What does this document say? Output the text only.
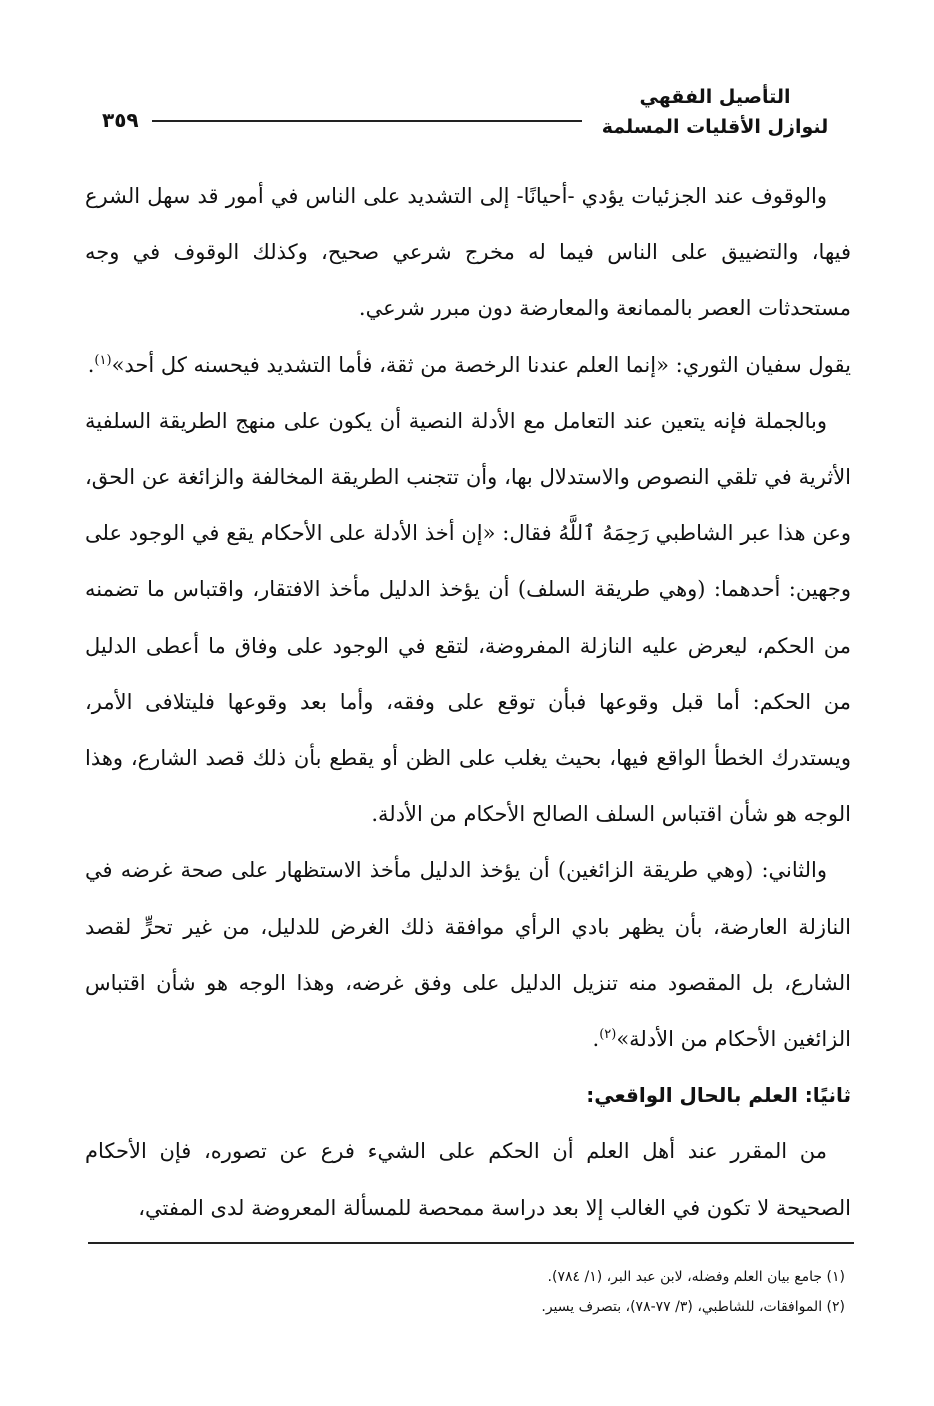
٣٥٩
التأصيل الفقهي
لنوازل الأقليات المسلمة

والوقوف عند الجزئيات يؤدي -أحيانًا- إلى التشديد على الناس في أمور قد سهل الشرع فيها، والتضييق على الناس فيما له مخرج شرعي صحيح، وكذلك الوقوف في وجه مستحدثات العصر بالممانعة والمعارضة دون مبرر شرعي.

يقول سفيان الثوري: «إنما العلم عندنا الرخصة من ثقة، فأما التشديد فيحسنه كل أحد»$^{(١)}$.

وبالجملة فإنه يتعين عند التعامل مع الأدلة النصية أن يكون على منهج الطريقة السلفية الأثرية في تلقي النصوص والاستدلال بها، وأن تتجنب الطريقة المخالفة والزائغة عن الحق، وعن هذا عبر الشاطبي رَحِمَهُ ٱللَّهُ فقال: «إن أخذ الأدلة على الأحكام يقع في الوجود على وجهين: أحدهما: (وهي طريقة السلف) أن يؤخذ الدليل مأخذ الافتقار، واقتباس ما تضمنه من الحكم، ليعرض عليه النازلة المفروضة، لتقع في الوجود على وفاق ما أعطى الدليل من الحكم: أما قبل وقوعها فبأن توقع على وفقه، وأما بعد وقوعها فليتلافى الأمر، ويستدرك الخطأ الواقع فيها، بحيث يغلب على الظن أو يقطع بأن ذلك قصد الشارع، وهذا الوجه هو شأن اقتباس السلف الصالح الأحكام من الأدلة.

والثاني: (وهي طريقة الزائغين) أن يؤخذ الدليل مأخذ الاستظهار على صحة غرضه في النازلة العارضة، بأن يظهر بادي الرأي موافقة ذلك الغرض للدليل، من غير تحرٍّ لقصد الشارع، بل المقصود منه تنزيل الدليل على وفق غرضه، وهذا الوجه هو شأن اقتباس الزائغين الأحكام من الأدلة»$^{(٢)}$.

ثانيًا: العلم بالحال الواقعي:

من المقرر عند أهل العلم أن الحكم على الشيء فرع عن تصوره، فإن الأحكام الصحيحة لا تكون في الغالب إلا بعد دراسة ممحصة للمسألة المعروضة لدى المفتي،

(١) جامع بيان العلم وفضله، لابن عبد البر، (١/ ٧٨٤).

(٢) الموافقات، للشاطبي، (٣/ ٧٧-٧٨)، بتصرف يسير.
